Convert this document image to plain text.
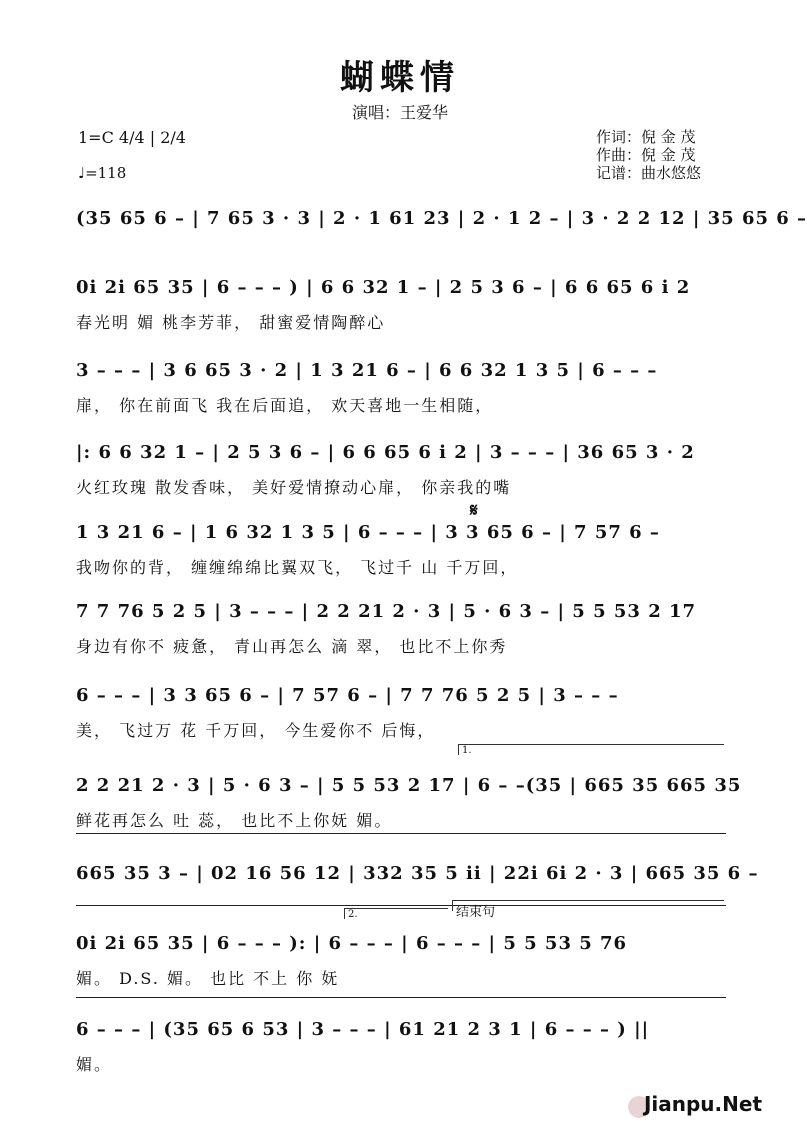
蝴蝶情
演唱：王爱华
1=C 4/4 | 2/4
♩=118
作词：倪 金 茂
作曲：倪 金 茂
记谱：曲水悠悠
(35 65 6 – | 7 65 3 · 3 | 2 · 1 61 23 | 2 · 1 2 – | 3 · 2 2 12 | 35 65 6 –
0i 2i 65 35 | 6 – – – ) | 6 6 32 1 – | 2 5 3 6 – | 6 6 65 6 i 2
春光明 媚 桃李芳菲， 甜蜜爱情陶醉心
3 – – – | 3 6 65 3 · 2 | 1 3 21 6 – | 6 6 32 1 3 5 | 6 – – –
扉， 你在前面飞 我在后面追， 欢天喜地一生相随，
|: 6 6 32 1 – | 2 5 3 6 – | 6 6 65 6 i 2 | 3 – – – | 36 65 3 · 2
火红玫瑰 散发香味， 美好爱情撩动心扉， 你亲我的嘴
𝄋
1 3 21 6 – | 1 6 32 1 3 5 | 6 – – – | 3 3 65 6 – | 7 57 6 –
我吻你的背， 缠缠绵绵比翼双飞， 飞过千 山 千万回，
7 7 76 5 2 5 | 3 – – – | 2 2 21 2 · 3 | 5 · 6 3 – | 5 5 53 2 17
身边有你不 疲惫， 青山再怎么 滴 翠， 也比不上你秀
6 – – – | 3 3 65 6 – | 7 57 6 – | 7 7 76 5 2 5 | 3 – – –
美， 飞过万 花 千万回， 今生爱你不 后悔，
1.
2 2 21 2 · 3 | 5 · 6 3 – | 5 5 53 2 17 | 6 – –(35 | 665 35 665 35
鲜花再怎么 吐 蕊， 也比不上你妩 媚。
665 35 3 – | 02 16 56 12 | 332 35 5 ii | 22i 6i 2 · 3 | 665 35 6 –
2.	结束句
0i 2i 65 35 | 6 – – – ): | 6 – – – | 6 – – – | 5 5 53 5 76
媚。 D.S. 媚。 也比 不上 你 妩
6 – – – | (35 65 6 53 | 3 – – – | 61 21 2 3 1 | 6 – – – ) ||
媚。
Jianpu.Net
